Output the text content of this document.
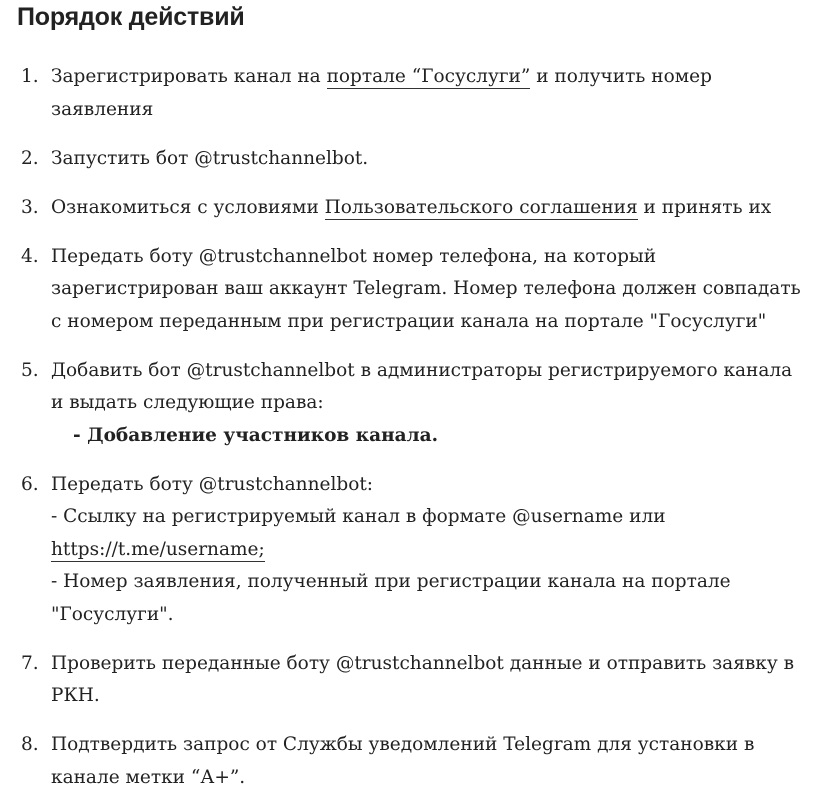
Порядок действий
1. Зарегистрировать канал на портале “Госуслуги” и получить номер заявления

2. Запустить бот @trustchannelbot.

3. Ознакомиться с условиями Пользовательского соглашения и принять их

4. Передать боту @trustchannelbot номер телефона, на который зарегистрирован ваш аккаунт Telegram. Номер телефона должен совпадать с номером переданным при регистрации канала на портале "Госуслуги"

5. Добавить бот @trustchannelbot в администраторы регистрируемого канала и выдать следующие права:

- Добавление участников канала.

6. Передать боту @trustchannelbot:

- Ссылку на регистрируемый канал в формате @username или https://t.me/username;

- Номер заявления, полученный при регистрации канала на портале "Госуслуги".

7. Проверить переданные боту @trustchannelbot данные и отправить заявку в РКН.

8. Подтвердить запрос от Службы уведомлений Telegram для установки в канале метки “А+”.
